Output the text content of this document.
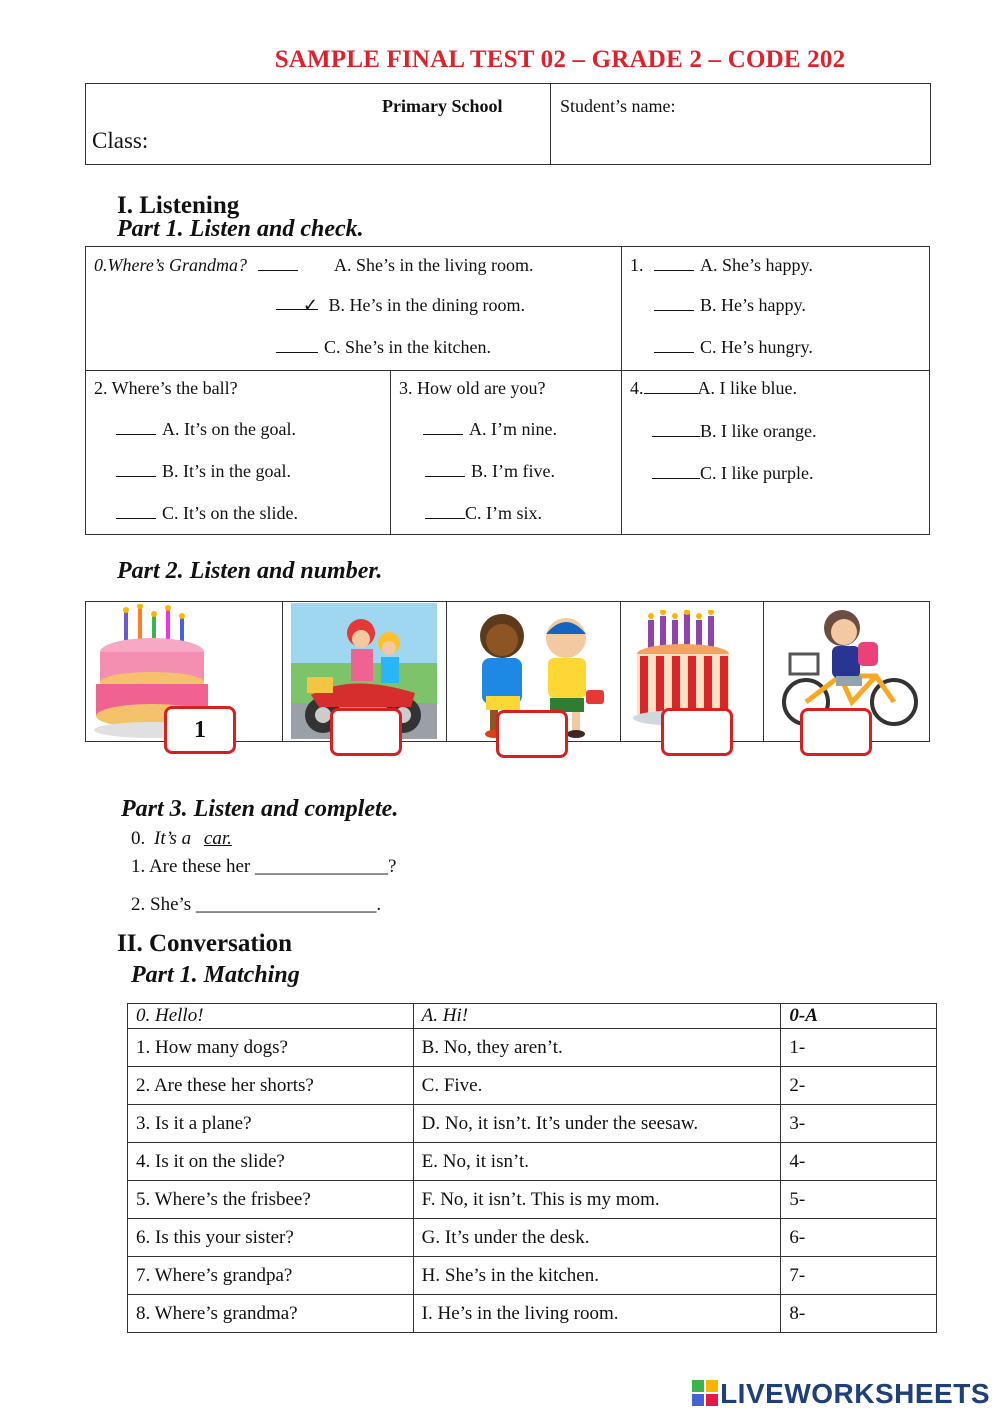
SAMPLE FINAL TEST 02 – GRADE 2 – CODE 202
Primary School
Class:
Student’s name:
I. Listening
Part 1. Listen and check.
0.Where’s Grandma?	A. She’s in the living room.
✓ B. He’s in the dining room.
C. She’s in the kitchen.
1.	A. She’s happy.
B. He’s happy.
C. He’s hungry.
2. Where’s the ball?
A. It’s on the goal.
B. It’s in the goal.
C. It’s on the slide.
3. How old are you?
A. I’m nine.
B. I’m five.
C. I’m six.
4.	A. I like blue.
B. I like orange.
C. I like purple.
Part 2. Listen and number.
1
Part 3. Listen and complete.
0. It’s a car.
1. Are these her ______________?
2. She’s ___________________.
II. Conversation
Part 1. Matching
0. Hello!	A. Hi!	0-A
1. How many dogs?	B. No, they aren’t.	1-
2. Are these her shorts?	C. Five.	2-
3. Is it a plane?	D. No, it isn’t. It’s under the seesaw.	3-
4. Is it on the slide?	E. No, it isn’t.	4-
5. Where’s the frisbee?	F. No, it isn’t. This is my mom.	5-
6. Is this your sister?	G. It’s under the desk.	6-
7. Where’s grandpa?	H. She’s in the kitchen.	7-
8. Where’s grandma?	I. He’s in the living room.	8-
LIVEWORKSHEETS
